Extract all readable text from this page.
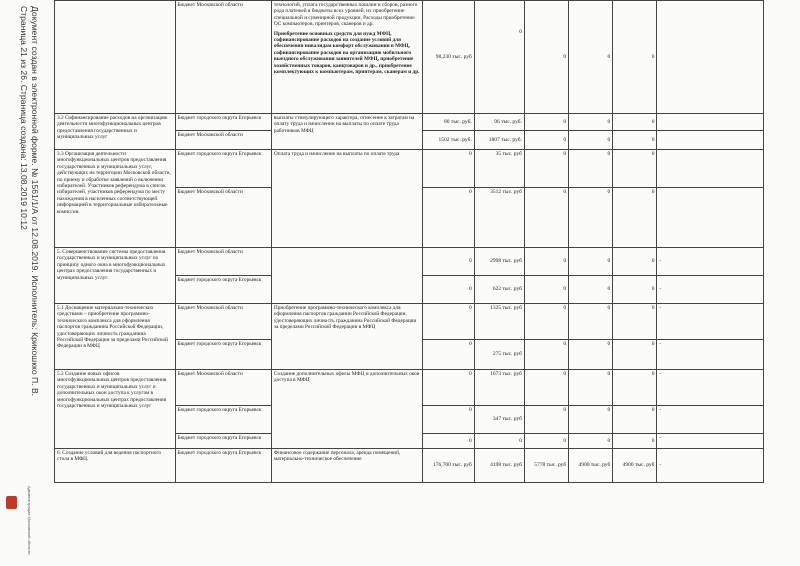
Документ создан в электронной форме. № 1561/1/А от 12.08.2019. Исполнитель: Крикошкко П. В.
Страница 21 из 26. Страница создана: 13.08.2019 10:12
Администрация Московской области
	Бюджет Московской области	технологий, уплата государственных пошлин и сборов, разного рода платежей в бюджеты всех уровней, их приобретение специальной и сувенирной продукции, Расходы приобретение ОС компьютеров, принтеров, сканеров и др.
Приобретение основных средств для нужд МФЦ, софинансирование расходов на создание условий для обеспечения инвалидам комфорт обслуживания в МФЦ, софинансирование расходов на организацию мобильного выездного обслуживания заявителей МФЦ, приобретение хозяйственных товаров, канцтоваров и др., приобретение комплектующих к компьютерам, принтерам, сканерам и др.	98,230 тыс. руб	0	0	0	0	
3.2 Софинансирование расходов на организацию деятельности многофункциональных центров предоставления государственных и муниципальных услуг	Бюджет городского округа Егорьевск	выплаты стимулирующего характера, отнесение к затратам на оплату труда и начислении на выплаты по оплате труда работников МФЦ	80 тыс. руб.	96 тыс. руб.	0	0	0	
	Бюджет Московской области		1502 тыс. руб.	1807 тыс. руб.	0	0	0	
3.3 Организация деятельности многофункциональных центров предоставления государственных и муниципальных услуг, действующих на территории Московской области, по приему и обработке заявлений о включении избирателей. Участников референдума в список избирателей, участников референдума по месту нахождения в населенных соответствующей информацией в территориальные избирательные комиссии.	Бюджет городского округа Егорьевск	Оплата труда и начисление на выплаты по оплате труда	0	35 тыс. руб	0	0	0	
	Бюджет Московской области		0	3512 тыс. руб	0	0	0	
5. Совершенствование системы предоставления государственных и муниципальных услуг по принципу одного окна в многофункциональных центрах предоставления государственных и муниципальных услуг.	Бюджет Московской области		0	2998 тыс. руб	0	0	0	-
	Бюджет городского округа Егорьевск		0	622 тыс. руб	0	0	0	-
5.1 Доснащение материально-технических средствами – приобретение программно-технического комплекса для оформления паспортов гражданина Российской Федерации, удостоверяющих личность гражданина Российской Федерации за пределами Российской Федерации в МФЦ	Бюджет Московской области	Приобретение программно-технического комплекса для оформления паспортов гражданин Российской Федерации, удостоверяющих личность гражданина Российской Федерации за пределами Российской Федерации в МФЦ	0	1325 тыс. руб	0	0	0	-
	Бюджет городского округа Егорьевск		0	275 тыс. руб	0	0	0	-
5.2 Создание новых офисов многофункциональных центров предоставления государственных и муниципальных услуг и дополнительных окон доступа к услугам в многофункциональных центрах предоставления государственных и муниципальных услуг	Бюджет Московской области	Создание дополнительных офисы МФЦ и дополнительных окон доступа в МФЦ	0	1673 тыс. руб	0	0	0	-
	Бюджет городского округа Егорьевск		0	347 тыс. руб	0	0	0	-
	Бюджет городского округа Егорьевск		0	0	0	0	0	-
6. Создание условий для ведения паспортного стола в МФЦ.	Бюджет городского округа Егорьевск	Финансовое содержание персонала, аренда помещений, материально-техническое обеспечение	176,700 тыс. руб	4198 тыс. руб	5778 тыс. руб	4900 тыс. руб	4900 тыс. руб	-
